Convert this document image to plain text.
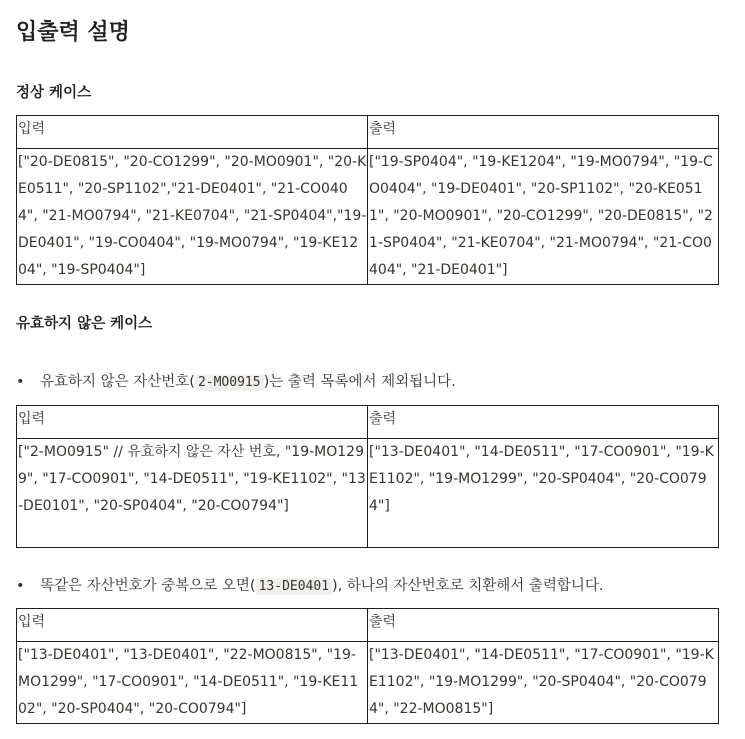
입출력 설명
정상 케이스
입력	출력
["20-DE0815", "20-CO1299", "20-MO0901", "20-KE0511", "20-SP1102","21-DE0401", "21-CO0404", "21-MO0794", "21-KE0704", "21-SP0404","19-DE0401", "19-CO0404", "19-MO0794", "19-KE1204", "19-SP0404"]	["19-SP0404", "19-KE1204", "19-MO0794", "19-CO0404", "19-DE0401", "20-SP1102", "20-KE0511", "20-MO0901", "20-CO1299", "20-DE0815", "21-SP0404", "21-KE0704", "21-MO0794", "21-CO0404", "21-DE0401"]
유효하지 않은 케이스

• 유효하지 않은 자산번호( 2-MO0915 )는 출력 목록에서 제외됩니다.

입력	출력
["2-MO0915" // 유효하지 않은 자산 번호, "19-MO1299", "17-CO0901", "14-DE0511", "19-KE1102", "13-DE0101", "20-SP0404", "20-CO0794"]	["13-DE0401", "14-DE0511", "17-CO0901", "19-KE1102", "19-MO1299", "20-SP0404", "20-CO0794"]

• 똑같은 자산번호가 중복으로 오면( 13-DE0401 ), 하나의 자산번호로 치환해서 출력합니다.

입력	출력
["13-DE0401", "13-DE0401", "22-MO0815", "19-MO1299", "17-CO0901", "14-DE0511", "19-KE1102", "20-SP0404", "20-CO0794"]	["13-DE0401", "14-DE0511", "17-CO0901", "19-KE1102", "19-MO1299", "20-SP0404", "20-CO0794", "22-MO0815"]
